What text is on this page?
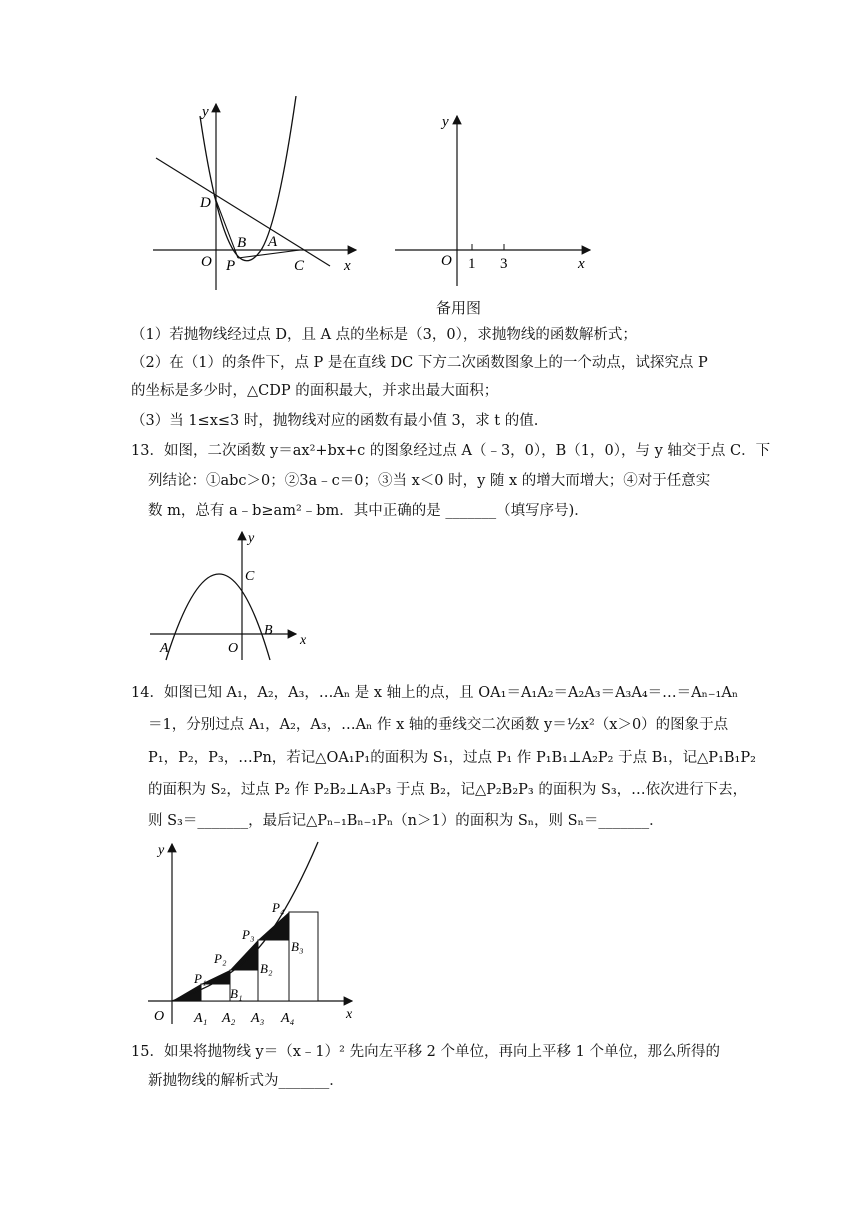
y
x
O
D
B A
P	C
y
x
O 1 3
备用图
（1）若抛物线经过点 D，且 A 点的坐标是（3，0），求抛物线的函数解析式；
（2）在（1）的条件下，点 P 是在直线 DC 下方二次函数图象上的一个动点，试探究点 P
的坐标是多少时，△CDP 的面积最大，并求出最大面积；
（3）当 1≤x≤3 时，抛物线对应的函数有最小值 3，求 t 的值.
13．如图，二次函数 y＝ax²+bx+c 的图象经过点 A（﹣3，0），B（1，0），与 y 轴交于点 C．下
列结论：①abc＞0；②3a﹣c＝0；③当 x＜0 时，y 随 x 的增大而增大；④对于任意实
数 m，总有 a﹣b≥am²﹣bm．其中正确的是 _______（填写序号)．
y
x
C
A	O
B
14．如图已知 A₁，A₂，A₃，…Aₙ 是 x 轴上的点，且 OA₁＝A₁A₂＝A₂A₃＝A₃A₄＝…＝Aₙ₋₁Aₙ
＝1，分别过点 A₁，A₂，A₃，…Aₙ 作 x 轴的垂线交二次函数 y＝½x²（x＞0）的图象于点
P₁，P₂，P₃，…Pn，若记△OA₁P₁的面积为 S₁，过点 P₁ 作 P₁B₁⊥A₂P₂ 于点 B₁，记△P₁B₁P₂
的面积为 S₂，过点 P₂ 作 P₂B₂⊥A₃P₃ 于点 B₂，记△P₂B₂P₃ 的面积为 S₃，…依次进行下去，
则 S₃＝_______，最后记△Pₙ₋₁Bₙ₋₁Pₙ（n＞1）的面积为 Sₙ，则 Sₙ＝_______．
y
x
O A₁ A₂ A₃ A₄
P₁
P₂
P₃
P₄
B₁
B₂
B₃
15．如果将抛物线 y＝（x﹣1）² 先向左平移 2 个单位，再向上平移 1 个单位，那么所得的
新抛物线的解析式为_______．
